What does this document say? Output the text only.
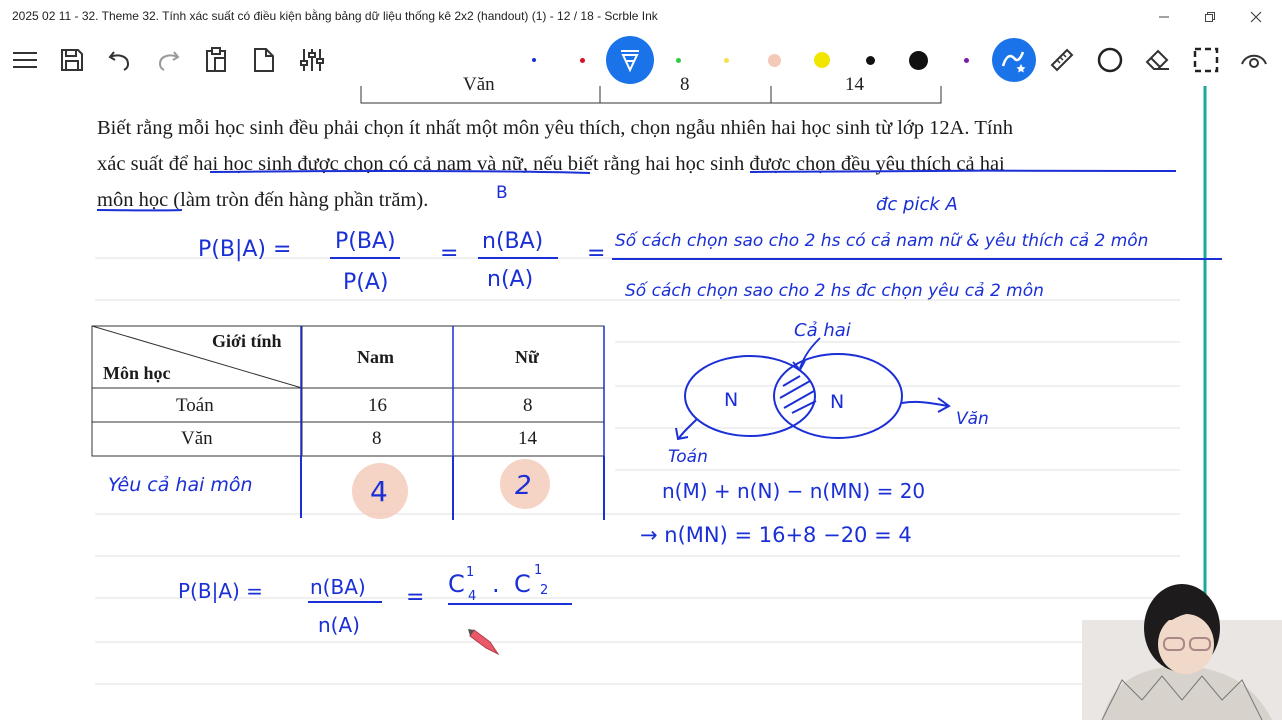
2025 02 11 - 32. Theme 32. Tính xác suất có điều kiện bằng bảng dữ liệu thống kê 2x2 (handout) (1) - 12 / 18 - Scrble Ink
Văn	8	14
Biết rằng mỗi học sinh đều phải chọn ít nhất một môn yêu thích, chọn ngẫu nhiên hai học sinh từ lớp 12A. Tính
xác suất để hai học sinh được chọn có cả nam và nữ, nếu biết rằng hai học sinh được chọn đều yêu thích cả hai
môn học (làm tròn đến hàng phần trăm).
Giới tính
Môn học
Nam	Nữ
Toán	16	8
Văn	8	14
B
đc pick A
P(B|A) = P(BA)
P(A)
= n(BA)
n(A)
= Số cách chọn sao cho 2 hs có cả nam nữ & yêu thích cả 2 môn
Số cách chọn sao cho 2 hs đc chọn yêu cả 2 môn
Yêu cả hai môn	4	2
Cả hai
N	N
Văn
Toán
n(M) + n(N) − n(MN) = 20
→ n(MN) = 16+8 −20 = 4
P(B|A) = n(BA)
n(A)
= C 1
4 . C 1
2
